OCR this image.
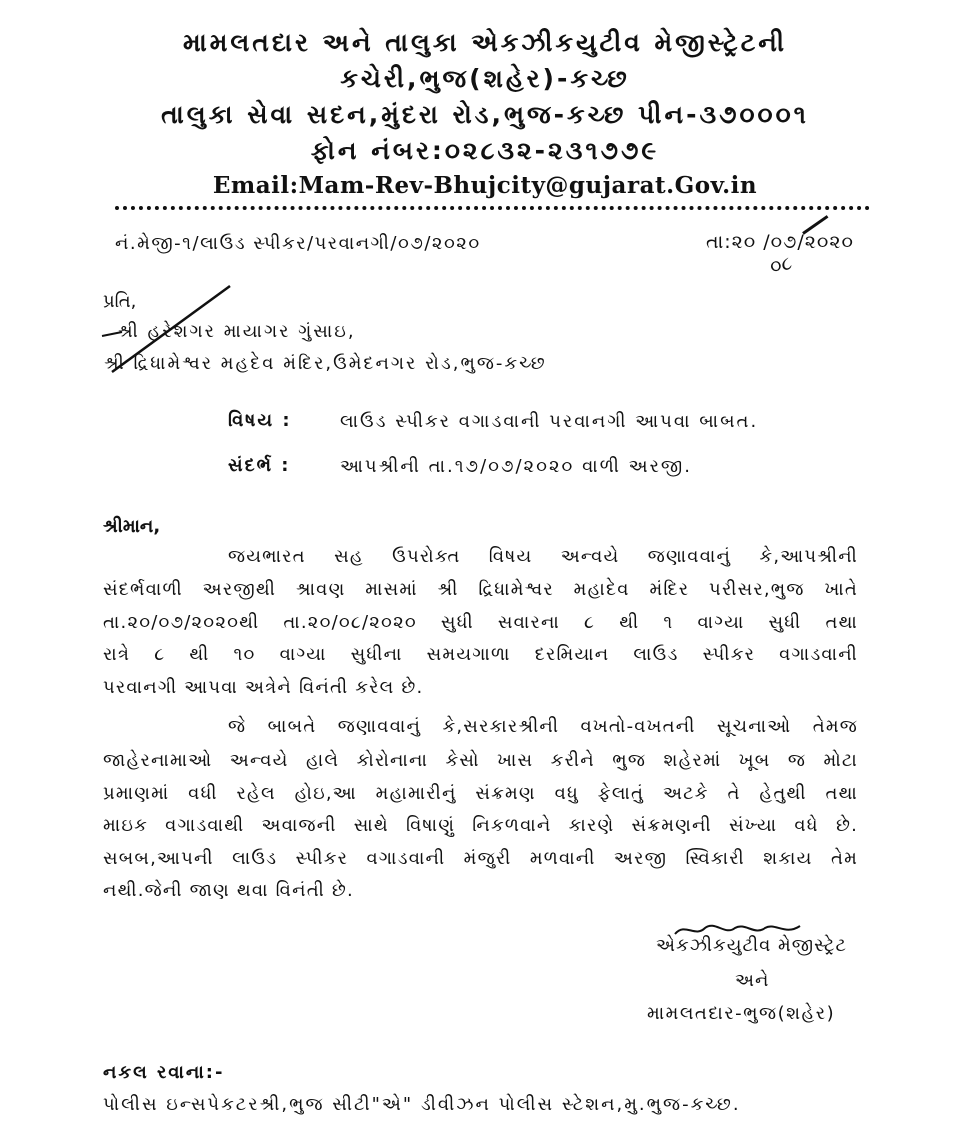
મામલતદાર અને તાલુકા એકઝીકયુટીવ મેજીસ્ટ્રેટની
કચેરી,ભુજ(શહેર)-કચ્છ
તાલુકા સેવા સદન,મુંદરા રોડ,ભુજ-કચ્છ પીન-૩૭૦૦૦૧
ફોન નંબર:૦૨૮૩૨-૨૩૧૭૭૯
Email:Mam-Rev-Bhujcity@gujarat.Gov.in
નં.મેજી-૧/લાઉડ સ્પીકર/પરવાનગી/૦૭/૨૦૨૦	તા:૨૦ /૦૭/૨૦૨૦
૦૮
પ્રતિ,
શ્રી હરેશગર માયાગર ગુંસાઇ,
શ્રી દ્રિધામેશ્વર મહદેવ મંદિર,ઉમેદનગર રોડ,ભુજ-કચ્છ
વિષય :	લાઉડ સ્પીકર વગાડવાની પરવાનગી આપવા બાબત.
સંદર્ભ :	આપશ્રીની તા.૧૭/૦૭/૨૦૨૦ વાળી અરજી.
શ્રીમાન,
જયભારત સહ ઉપરોક્ત વિષય અન્વયે જણાવવાનું કે,આપશ્રીની
સંદર્ભવાળી અરજીથી શ્રાવણ માસમાં શ્રી દ્રિધામેશ્વર મહાદેવ મંદિર પરીસર,ભુજ ખાતે
તા.૨૦/૦૭/૨૦૨૦થી તા.૨૦/૦૮/૨૦૨૦ સુધી સવારના ૮ થી ૧ વાગ્યા સુધી તથા
રાત્રે ૮ થી ૧૦ વાગ્યા સુધીના સમયગાળા દરમિયાન લાઉડ સ્પીકર વગાડવાની
પરવાનગી આપવા અત્રેને વિનંતી કરેલ છે.
જે બાબતે જણાવવાનું કે,સરકારશ્રીની વખતો-વખતની સૂચનાઓ તેમજ
જાહેરનામાઓ અન્વયે હાલે કોરોનાના કેસો ખાસ કરીને ભુજ શહેરમાં ખૂબ જ મોટા
પ્રમાણમાં વધી રહેલ હોઇ,આ મહામારીનું સંક્રમણ વધુ ફેલાતું અટકે તે હેતુથી તથા
માઇક વગાડવાથી અવાજની સાથે વિષાણું નિકળવાને કારણે સંક્રમણની સંખ્યા વધે છે.
સબબ,આપની લાઉડ સ્પીકર વગાડવાની મંજુરી મળવાની અરજી સ્વિકારી શકાય તેમ
નથી.જેની જાણ થવા વિનંતી છે.
એકઝીકયુટીવ મેજીસ્ટ્રેટ
અને
મામલતદાર-ભુજ(શહેર)
નકલ રવાના:-
પોલીસ ઇન્સપેકટરશ્રી,ભુજ સીટી"એ" ડીવીઝન પોલીસ સ્ટેશન,મુ.ભુજ-કચ્છ.
